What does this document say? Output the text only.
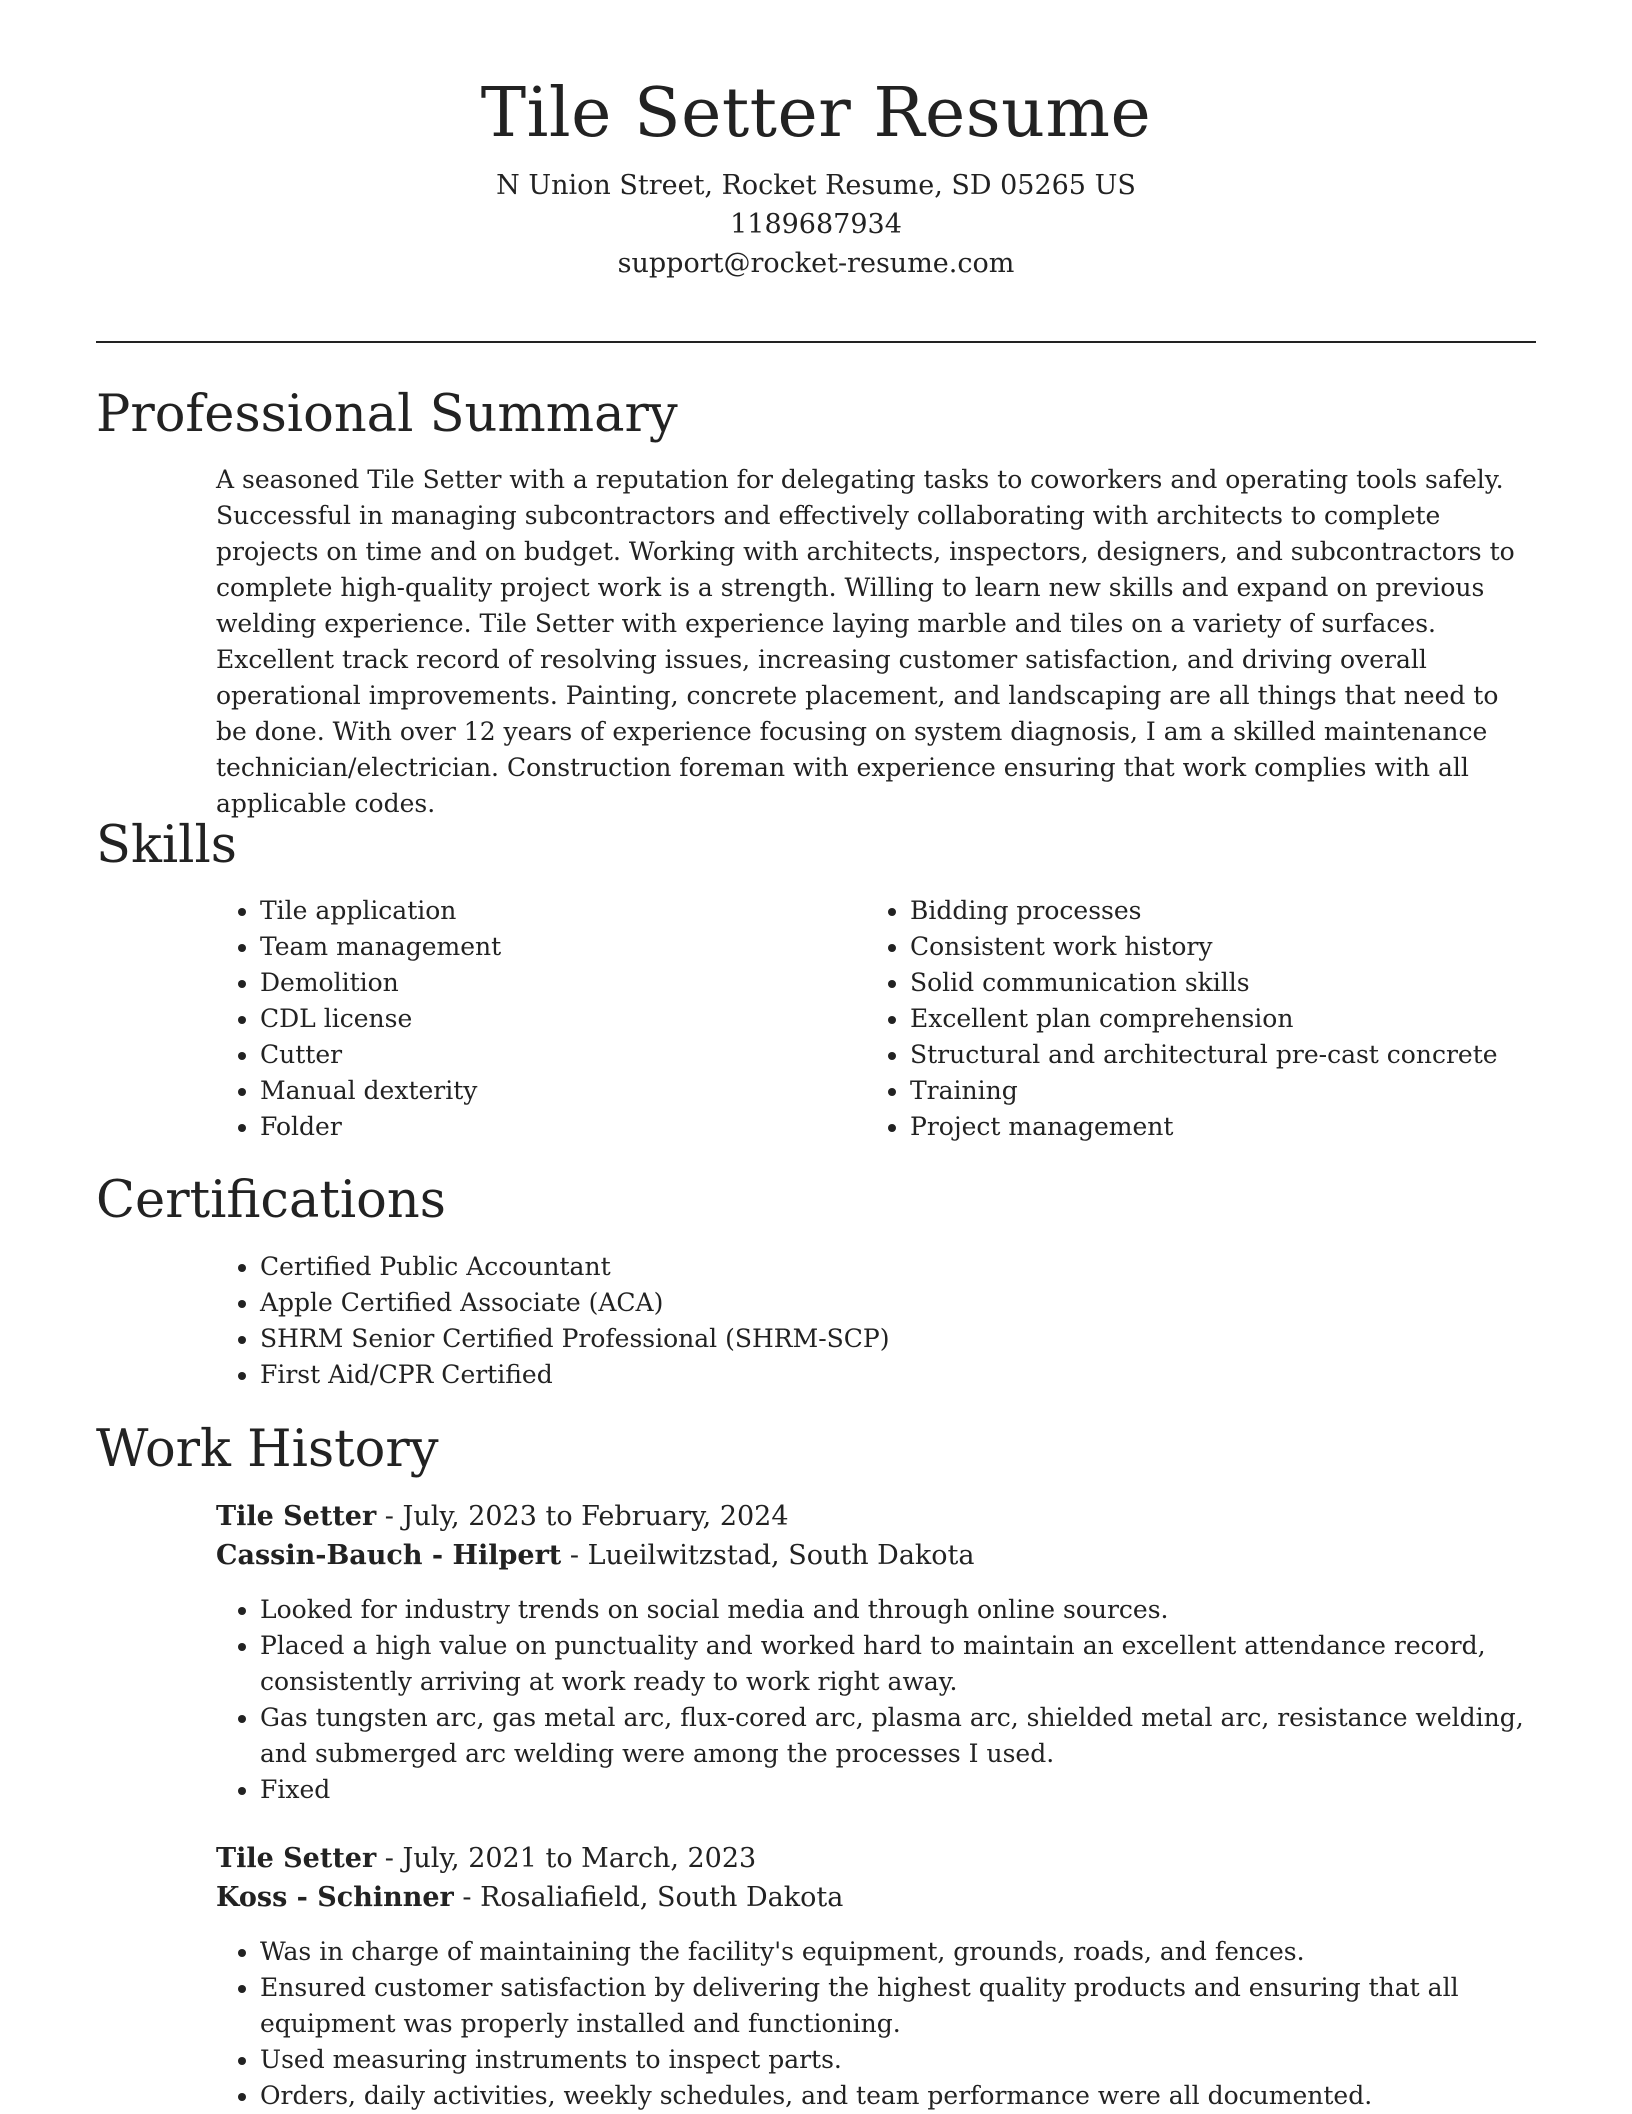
Tile Setter Resume
N Union Street, Rocket Resume, SD 05265 US
1189687934
support@rocket-resume.com
Professional Summary
A seasoned Tile Setter with a reputation for delegating tasks to coworkers and operating tools safely. Successful in managing subcontractors and effectively collaborating with architects to complete projects on time and on budget. Working with architects, inspectors, designers, and subcontractors to complete high-quality project work is a strength. Willing to learn new skills and expand on previous welding experience. Tile Setter with experience laying marble and tiles on a variety of surfaces. Excellent track record of resolving issues, increasing customer satisfaction, and driving overall operational improvements. Painting, concrete placement, and landscaping are all things that need to be done. With over 12 years of experience focusing on system diagnosis, I am a skilled maintenance technician/electrician. Construction foreman with experience ensuring that work complies with all applicable codes.
Skills
• Tile application
• Team management
• Demolition
• CDL license
• Cutter
• Manual dexterity
• Folder
• Bidding processes
• Consistent work history
• Solid communication skills
• Excellent plan comprehension
• Structural and architectural pre-cast concrete
• Training
• Project management
Certifications
• Certified Public Accountant
• Apple Certified Associate (ACA)
• SHRM Senior Certified Professional (SHRM-SCP)
• First Aid/CPR Certified
Work History
Tile Setter - July, 2023 to February, 2024
Cassin-Bauch - Hilpert - Lueilwitzstad, South Dakota
• Looked for industry trends on social media and through online sources.
• Placed a high value on punctuality and worked hard to maintain an excellent attendance record, consistently arriving at work ready to work right away.
• Gas tungsten arc, gas metal arc, flux-cored arc, plasma arc, shielded metal arc, resistance welding, and submerged arc welding were among the processes I used.
• Fixed
Tile Setter - July, 2021 to March, 2023
Koss - Schinner - Rosaliafield, South Dakota
• Was in charge of maintaining the facility's equipment, grounds, roads, and fences.
• Ensured customer satisfaction by delivering the highest quality products and ensuring that all equipment was properly installed and functioning.
• Used measuring instruments to inspect parts.
• Orders, daily activities, weekly schedules, and team performance were all documented.
